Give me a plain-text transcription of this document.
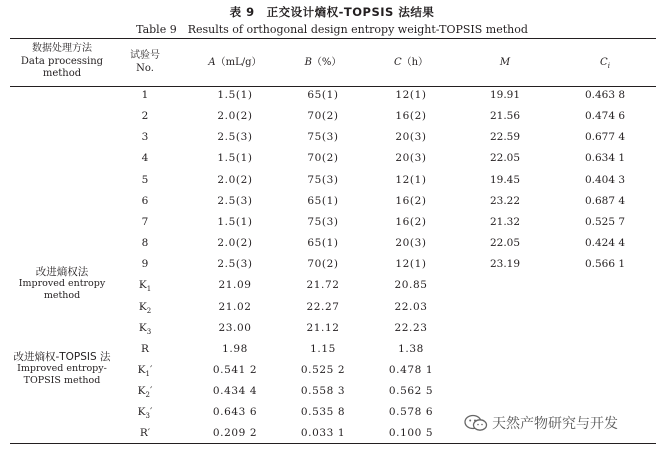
表 9　正交设计熵权-TOPSIS 法结果
Table 9　Results of orthogonal design entropy weight-TOPSIS method
数据处理方法
Data processing
method
试验号
No.	A（mL/g）	B（%）	C（h）	M	$C_i$
改进熵权法
Improved entropy
method
改进熵权-TOPSIS 法
Improved entropy-
TOPSIS method
1	1.5(1)	65(1)	12(1)	19.91	0.463 8
2	2.0(2)	70(2)	16(2)	21.56	0.474 6
3	2.5(3)	75(3)	20(3)	22.59	0.677 4
4	1.5(1)	70(2)	20(3)	22.05	0.634 1
5	2.0(2)	75(3)	12(1)	19.45	0.404 3
6	2.5(3)	65(1)	16(2)	23.22	0.687 4
7	1.5(1)	75(3)	16(2)	21.32	0.525 7
8	2.0(2)	65(1)	20(3)	22.05	0.424 4
9	2.5(3)	70(2)	12(1)	23.19	0.566 1
$K_1$	21.09	21.72	20.85
$K_2$	21.02	22.27	22.03
$K_3$	23.00	21.12	22.23
R	1.98	1.15	1.38
$K_1'$	0.541 2	0.525 2	0.478 1
$K_2'$	0.434 4	0.558 3	0.562 5
$K_3'$	0.643 6	0.535 8	0.578 6
R′	0.209 2	0.033 1	0.100 5
天然产物研究与开发
